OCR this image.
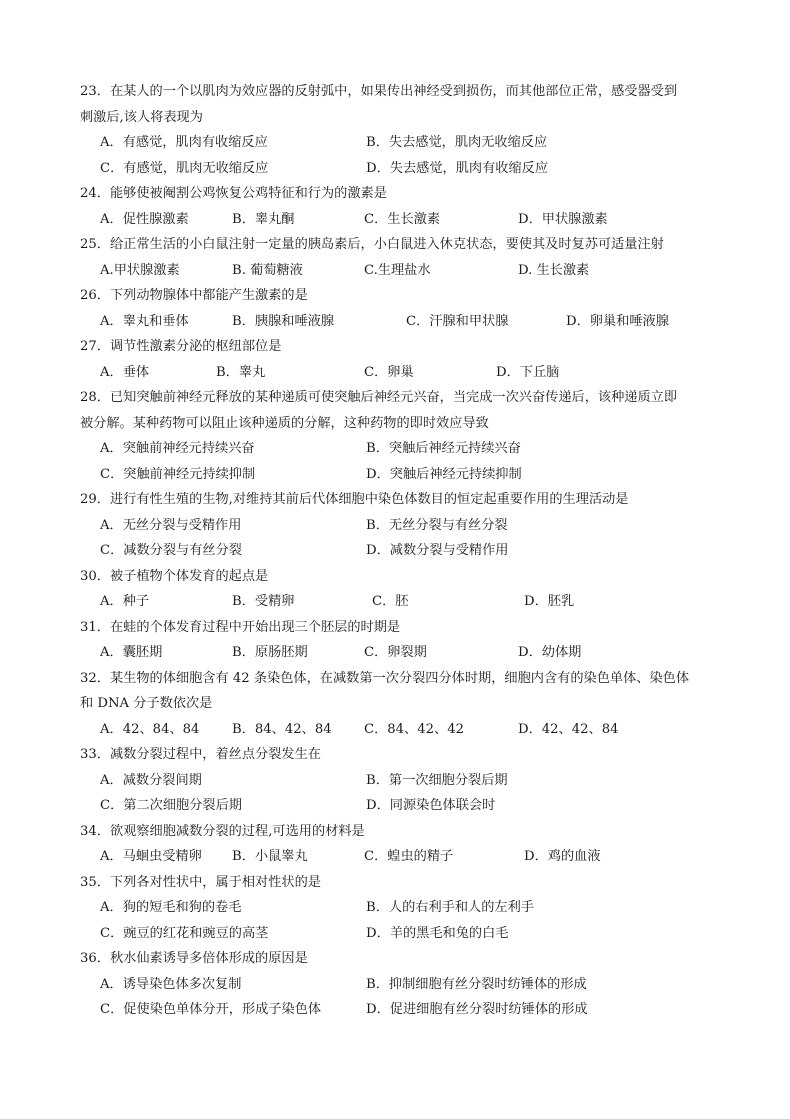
23．在某人的一个以肌肉为效应器的反射弧中，如果传出神经受到损伤，而其他部位正常，感受器受到
刺激后,该人将表现为
A．有感觉，肌肉有收缩反应	B．失去感觉，肌肉无收缩反应
C．有感觉，肌肉无收缩反应	D．失去感觉，肌肉有收缩反应
24．能够使被阉割公鸡恢复公鸡特征和行为的激素是
A．促性腺激素	B．睾丸酮	C．生长激素	D．甲状腺激素
25．给正常生活的小白鼠注射一定量的胰岛素后，小白鼠进入休克状态，要使其及时复苏可适量注射
A.甲状腺激素	B. 葡萄糖液	C.生理盐水	D. 生长激素
26．下列动物腺体中都能产生激素的是
A．睾丸和垂体	B．胰腺和唾液腺	C．汗腺和甲状腺	D．卵巢和唾液腺
27．调节性激素分泌的枢纽部位是
A．垂体	B．睾丸	C．卵巢	D．下丘脑
28．已知突触前神经元释放的某种递质可使突触后神经元兴奋，当完成一次兴奋传递后，该种递质立即
被分解。某种药物可以阻止该种递质的分解，这种药物的即时效应导致
A．突触前神经元持续兴奋	B．突触后神经元持续兴奋
C．突触前神经元持续抑制	D．突触后神经元持续抑制
29．进行有性生殖的生物,对维持其前后代体细胞中染色体数目的恒定起重要作用的生理活动是
A．无丝分裂与受精作用	B．无丝分裂与有丝分裂
C．减数分裂与有丝分裂	D．减数分裂与受精作用
30．被子植物个体发育的起点是
A．种子	B．受精卵	C．胚	D．胚乳
31．在蛙的个体发育过程中开始出现三个胚层的时期是
A．囊胚期	B．原肠胚期	C．卵裂期	D．幼体期
32．某生物的体细胞含有 42 条染色体，在减数第一次分裂四分体时期，细胞内含有的染色单体、染色体
和 DNA 分子数依次是
A．42、84、84 B．84、42、84 C．84、42、42	D．42、42、84
33．减数分裂过程中，着丝点分裂发生在
A．减数分裂间期	B．第一次细胞分裂后期
C．第二次细胞分裂后期	D．同源染色体联会时
34．欲观察细胞减数分裂的过程,可选用的材料是
A．马蛔虫受精卵 B．小鼠睾丸	C．蝗虫的精子	D．鸡的血液
35．下列各对性状中，属于相对性状的是
A．狗的短毛和狗的卷毛	B．人的右利手和人的左利手
C．豌豆的红花和豌豆的高茎	D．羊的黑毛和兔的白毛
36．秋水仙素诱导多倍体形成的原因是
A．诱导染色体多次复制	B．抑制细胞有丝分裂时纺锤体的形成
C．促使染色单体分开，形成子染色体	D．促进细胞有丝分裂时纺锤体的形成
